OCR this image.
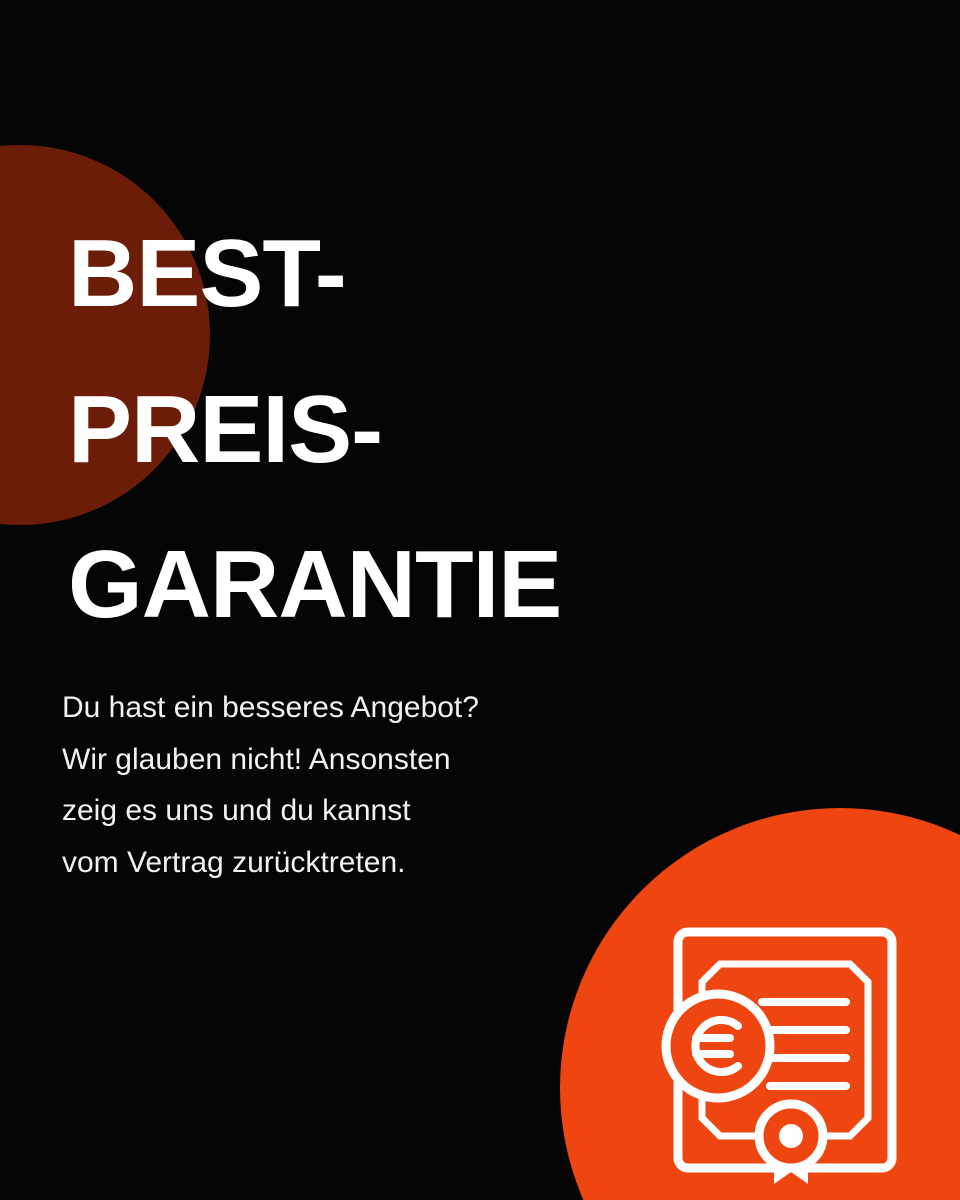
BEST-
PREIS-
GARANTIE
Du hast ein besseres Angebot?
Wir glauben nicht! Ansonsten
zeig es uns und du kannst
vom Vertrag zurücktreten.
